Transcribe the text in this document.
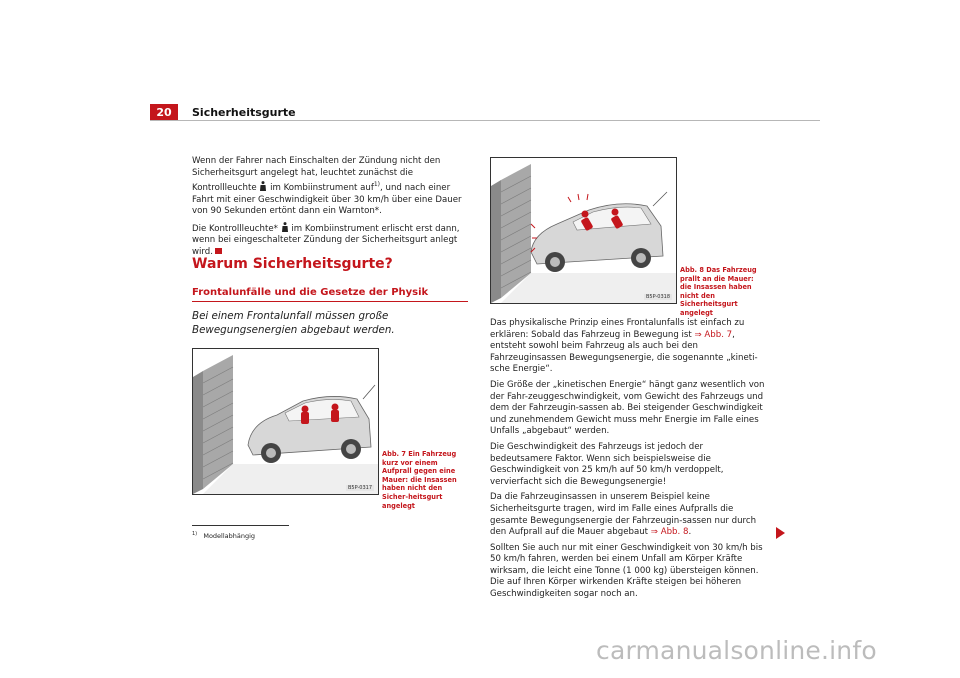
20	Sicherheitsgurte

Wenn der Fahrer nach Einschalten der Zündung nicht den Sicherheitsgurt angelegt hat, leuchtet zunächst die Kontrollleuchte  im Kombiinstrument auf$^{1)}$, und nach einer Fahrt mit einer Geschwindigkeit über 30 km/h über eine Dauer von 90 Sekunden ertönt dann ein Warnton*.

Die Kontrollleuchte*  im Kombiinstrument erlischt erst dann, wenn bei eingeschalteter Zündung der Sicherheitsgurt anlegt wird.

Warum Sicherheitsgurte?
Frontalunfälle und die Gesetze der Physik
Bei einem Frontalunfall müssen große Bewegungsenergien abgebaut werden.
B5P-0317
B5P-0318
Abb. 7 Ein Fahrzeug kurz vor einem Aufprall gegen eine Mauer: die Insassen haben nicht den Sicher-heitsgurt angelegt
Abb. 8 Das Fahrzeug prallt an die Mauer: die Insassen haben nicht den Sicherheitsgurt angelegt

Das physikalische Prinzip eines Frontalunfalls ist einfach zu erklären: Sobald das Fahrzeug in Bewegung ist ⇒ Abb. 7, entsteht sowohl beim Fahrzeug als auch bei den Fahrzeuginsassen Bewegungsenergie, die sogenannte „kineti-sche Energie“.

Die Größe der „kinetischen Energie“ hängt ganz wesentlich von der Fahr-zeuggeschwindigkeit, vom Gewicht des Fahrzeugs und dem der Fahrzeugin-sassen ab. Bei steigender Geschwindigkeit und zunehmendem Gewicht muss mehr Energie im Falle eines Unfalls „abgebaut“ werden.

Die Geschwindigkeit des Fahrzeugs ist jedoch der bedeutsamere Faktor. Wenn sich beispielsweise die Geschwindigkeit von 25 km/h auf 50 km/h verdoppelt, vervierfacht sich die Bewegungsenergie!

Da die Fahrzeuginsassen in unserem Beispiel keine Sicherheitsgurte tragen, wird im Falle eines Aufpralls die gesamte Bewegungsenergie der Fahrzeugin-sassen nur durch den Aufprall auf die Mauer abgebaut ⇒ Abb. 8.

Sollten Sie auch nur mit einer Geschwindigkeit von 30 km/h bis 50 km/h fahren, werden bei einem Unfall am Körper Kräfte wirksam, die leicht eine Tonne (1 000 kg) übersteigen können. Die auf Ihren Körper wirkenden Kräfte steigen bei höheren Geschwindigkeiten sogar noch an.

$^{1)}$ Modellabhängig
carmanualsonline.info
